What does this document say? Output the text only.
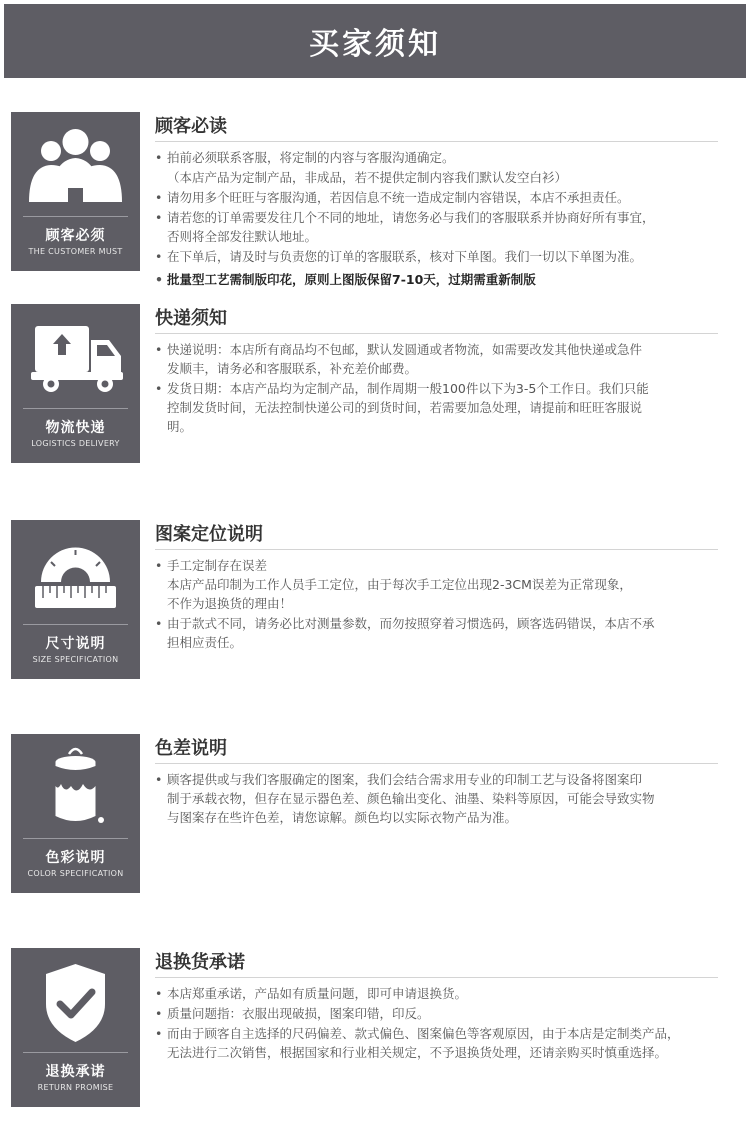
买家须知
顾客必须
THE CUSTOMER MUST
顾客必读
• 拍前必须联系客服，将定制的内容与客服沟通确定。
（本店产品为定制产品，非成品，若不提供定制内容我们默认发空白衫）
• 请勿用多个旺旺与客服沟通，若因信息不统一造成定制内容错误，本店不承担责任。
• 请若您的订单需要发往几个不同的地址，请您务必与我们的客服联系并协商好所有事宜，
否则将全部发往默认地址。
• 在下单后，请及时与负责您的订单的客服联系，核对下单图。我们一切以下单图为准。
• 批量型工艺需制版印花，原则上图版保留7-10天，过期需重新制版
物流快递
LOGISTICS DELIVERY
快递须知
• 快递说明：本店所有商品均不包邮，默认发圆通或者物流，如需要改发其他快递或急件
发顺丰，请务必和客服联系，补充差价邮费。
• 发货日期：本店产品均为定制产品，制作周期一般100件以下为3-5个工作日。我们只能
控制发货时间，无法控制快递公司的到货时间，若需要加急处理，请提前和旺旺客服说
明。
尺寸说明
SIZE SPECIFICATION
图案定位说明
• 手工定制存在误差
本店产品印制为工作人员手工定位，由于每次手工定位出现2-3CM误差为正常现象，
不作为退换货的理由！
• 由于款式不同，请务必比对测量参数，而勿按照穿着习惯选码，顾客选码错误，本店不承
担相应责任。
色彩说明
COLOR SPECIFICATION
色差说明
• 顾客提供或与我们客服确定的图案，我们会结合需求用专业的印制工艺与设备将图案印
制于承载衣物，但存在显示器色差、颜色输出变化、油墨、染料等原因，可能会导致实物
与图案存在些许色差，请您谅解。颜色均以实际衣物产品为准。
退换承诺
RETURN PROMISE
退换货承诺
• 本店郑重承诺，产品如有质量问题，即可申请退换货。
• 质量问题指：衣服出现破损，图案印错，印反。
• 而由于顾客自主选择的尺码偏差、款式偏色、图案偏色等客观原因，由于本店是定制类产品，
无法进行二次销售，根据国家和行业相关规定，不予退换货处理，还请亲购买时慎重选择。
